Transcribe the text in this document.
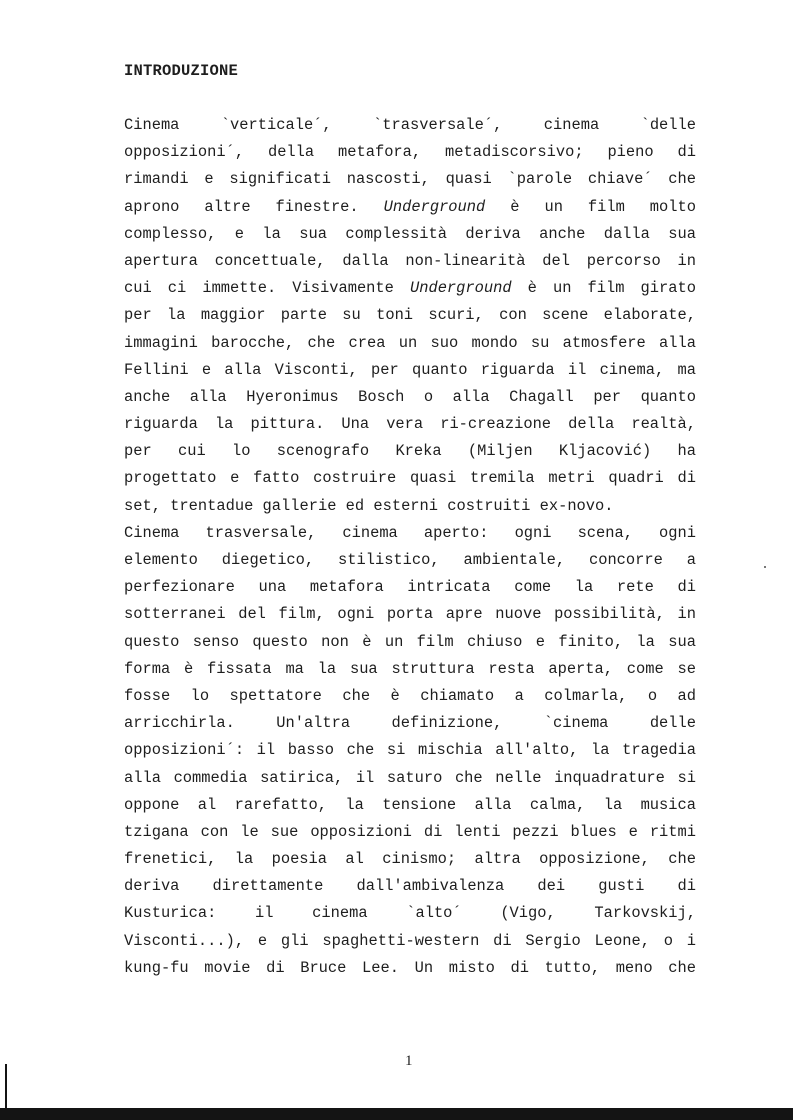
INTRODUZIONE
Cinema `verticale´, `trasversale´, cinema `delle
opposizioni´, della metafora, metadiscorsivo; pieno di
rimandi e significati nascosti, quasi `parole chiave´ che
aprono altre finestre. Underground è un film molto
complesso, e la sua complessità deriva anche dalla sua
apertura concettuale, dalla non-linearità del percorso in
cui ci immette. Visivamente Underground è un film girato
per la maggior parte su toni scuri, con scene elaborate,
immagini barocche, che crea un suo mondo su atmosfere alla
Fellini e alla Visconti, per quanto riguarda il cinema, ma
anche alla Hyeronimus Bosch o alla Chagall per quanto
riguarda la pittura. Una vera ri-creazione della realtà,
per cui lo scenografo Kreka (Miljen Kljacović) ha
progettato e fatto costruire quasi tremila metri quadri di
set, trentadue gallerie ed esterni costruiti ex-novo.
Cinema trasversale, cinema aperto: ogni scena, ogni
elemento diegetico, stilistico, ambientale, concorre a
perfezionare una metafora intricata come la rete di
sotterranei del film, ogni porta apre nuove possibilità, in
questo senso questo non è un film chiuso e finito, la sua
forma è fissata ma la sua struttura resta aperta, come se
fosse lo spettatore che è chiamato a colmarla, o ad
arricchirla. Un'altra definizione, `cinema delle
opposizioni´: il basso che si mischia all'alto, la tragedia
alla commedia satirica, il saturo che nelle inquadrature si
oppone al rarefatto, la tensione alla calma, la musica
tzigana con le sue opposizioni di lenti pezzi blues e ritmi
frenetici, la poesia al cinismo; altra opposizione, che
deriva direttamente dall'ambivalenza dei gusti di
Kusturica: il cinema `alto´ (Vigo, Tarkovskij,
Visconti...), e gli spaghetti-western di Sergio Leone, o i
kung-fu movie di Bruce Lee. Un misto di tutto, meno che
1
